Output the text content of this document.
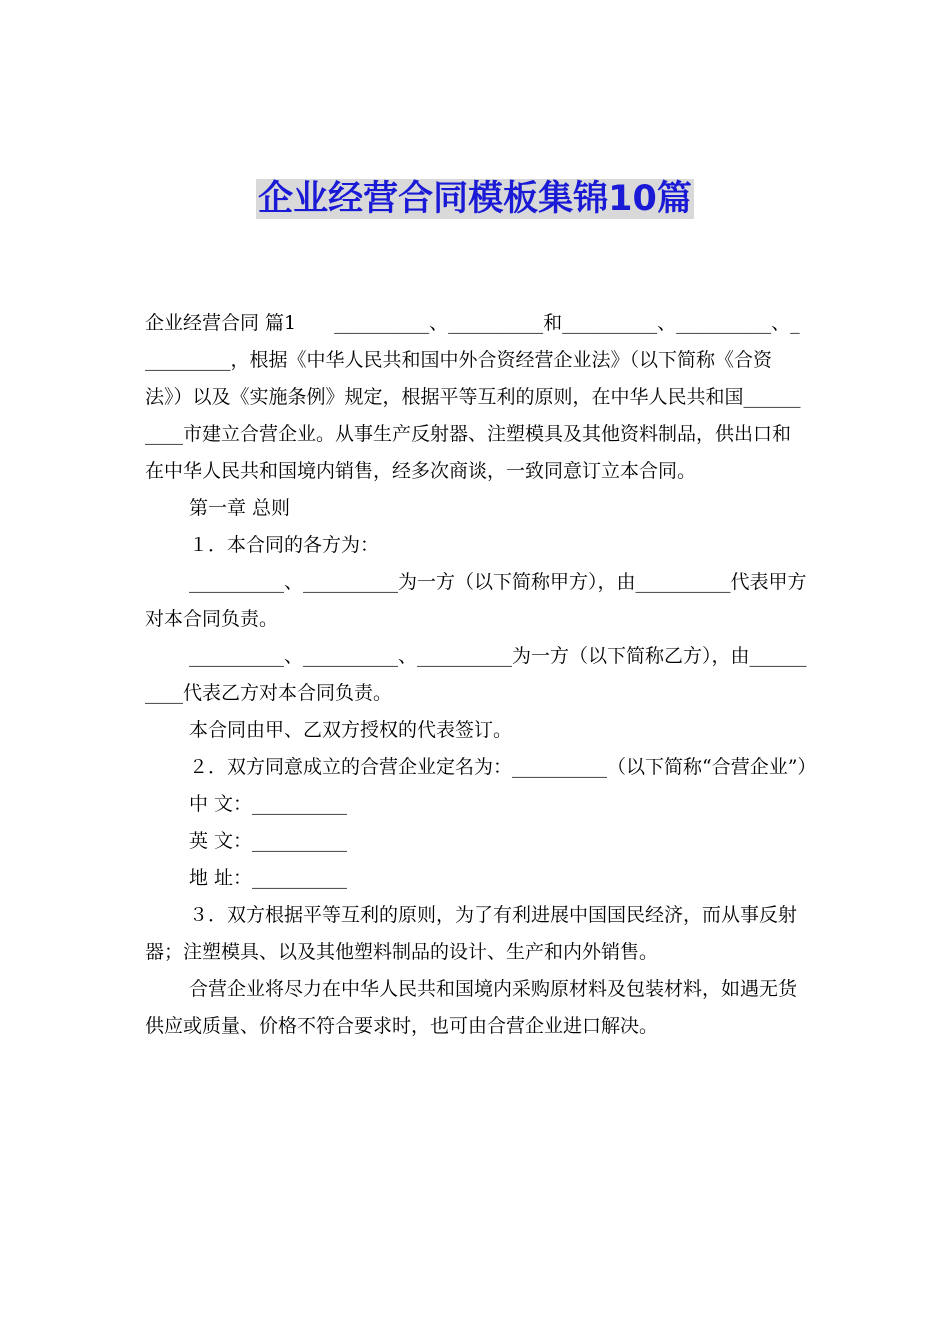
企业经营合同模板集锦10篇

企业经营合同 篇1　　__________、__________和__________、__________、__________，根据《中华人民共和国中外合资经营企业法》（以下简称《合资法》）以及《实施条例》规定，根据平等互利的原则，在中华人民共和国__________市建立合营企业。从事生产反射器、注塑模具及其他资料制品，供出口和在中华人民共和国境内销售，经多次商谈，一致同意订立本合同。

第一章 总则

１．本合同的各方为：

__________、__________为一方（以下简称甲方），由__________代表甲方对本合同负责。

__________、__________、__________为一方（以下简称乙方），由__________代表乙方对本合同负责。

本合同由甲、乙双方授权的代表签订。

２．双方同意成立的合营企业定名为：__________（以下简称“合营企业”）

中 文：__________

英 文：__________

地 址：__________

３．双方根据平等互利的原则，为了有利进展中国国民经济，而从事反射器；注塑模具、以及其他塑料制品的设计、生产和内外销售。

合营企业将尽力在中华人民共和国境内采购原材料及包装材料，如遇无货供应或质量、价格不符合要求时，也可由合营企业进口解决。
